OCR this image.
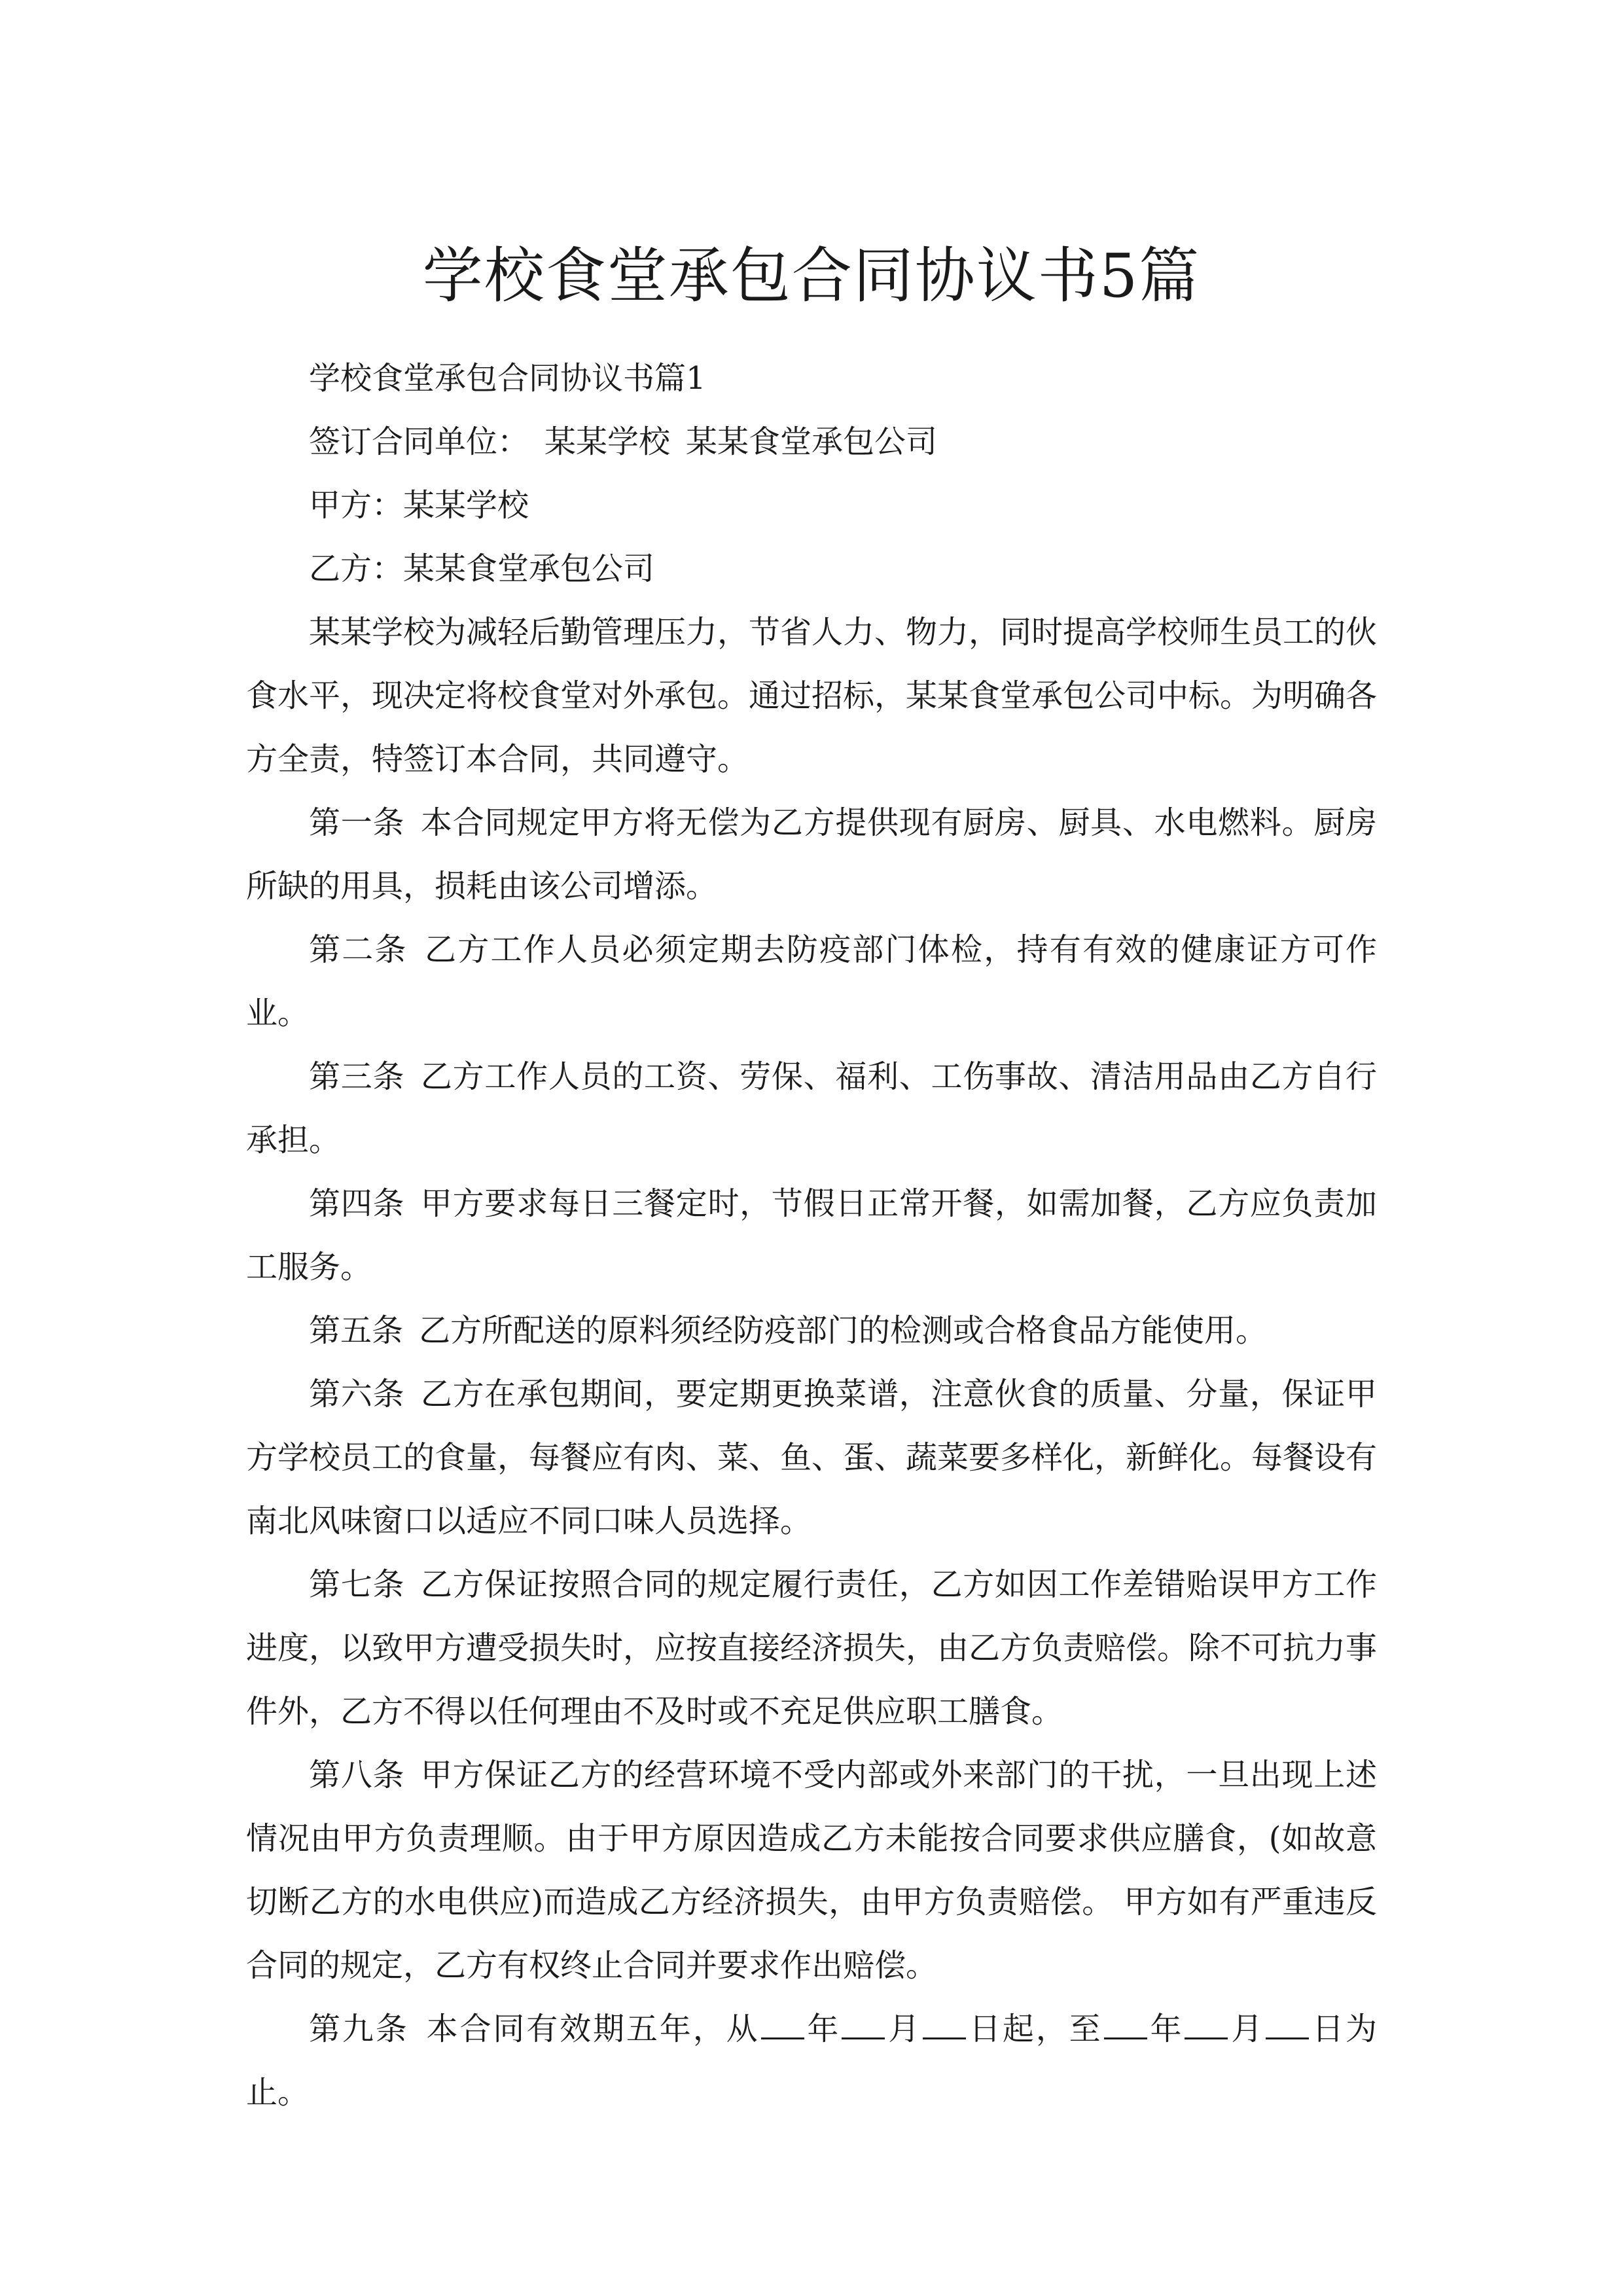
学校食堂承包合同协议书5篇

学校食堂承包合同协议书篇1

签订合同单位： 某某学校 某某食堂承包公司

甲方：某某学校

乙方：某某食堂承包公司

某某学校为减轻后勤管理压力，节省人力、物力，同时提高学校师生员工的伙食水平，现决定将校食堂对外承包。通过招标，某某食堂承包公司中标。为明确各方全责，特签订本合同，共同遵守。

第一条 本合同规定甲方将无偿为乙方提供现有厨房、厨具、水电燃料。厨房所缺的用具，损耗由该公司增添。

第二条 乙方工作人员必须定期去防疫部门体检，持有有效的健康证方可作业。

第三条 乙方工作人员的工资、劳保、福利、工伤事故、清洁用品由乙方自行承担。

第四条 甲方要求每日三餐定时，节假日正常开餐，如需加餐，乙方应负责加工服务。

第五条 乙方所配送的原料须经防疫部门的检测或合格食品方能使用。

第六条 乙方在承包期间，要定期更换菜谱，注意伙食的质量、分量，保证甲方学校员工的食量，每餐应有肉、菜、鱼、蛋、蔬菜要多样化，新鲜化。每餐设有南北风味窗口以适应不同口味人员选择。

第七条 乙方保证按照合同的规定履行责任，乙方如因工作差错贻误甲方工作进度，以致甲方遭受损失时，应按直接经济损失，由乙方负责赔偿。除不可抗力事件外，乙方不得以任何理由不及时或不充足供应职工膳食。

第八条 甲方保证乙方的经营环境不受内部或外来部门的干扰，一旦出现上述情况由甲方负责理顺。由于甲方原因造成乙方未能按合同要求供应膳食，(如故意切断乙方的水电供应)而造成乙方经济损失，由甲方负责赔偿。 甲方如有严重违反合同的规定，乙方有权终止合同并要求作出赔偿。

第九条 本合同有效期五年，从 年 月 日起，至 年 月 日为止。
